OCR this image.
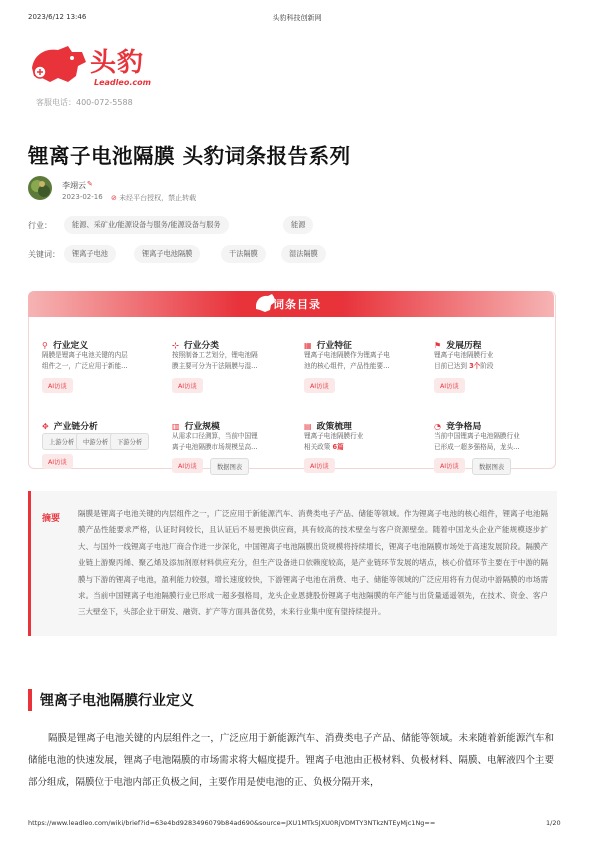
2023/6/12 13:46	头豹科技创新网
头豹
Leadleo.com
客服电话：400-072-5588
锂离子电池隔膜 头豹词条报告系列
李翊云 ✎
2023-02-16 ⊘ 未经平台授权，禁止转载
行业：	能源、采矿业/能源设备与服务/能源设备与服务	能源
关键词：	锂离子电池	锂离子电池隔膜	干法隔膜	湿法隔膜
词条目录
⚲ 行业定义
隔膜是锂离子电池关键的内层
组件之一，广泛应用于新能...
AI访谈
⊹ 行业分类
按照制备工艺划分，锂电池隔
膜主要可分为干法隔膜与湿...
AI访谈
▦ 行业特征
锂离子电池隔膜作为锂离子电
池的核心组件，产品性能要...
AI访谈
⚑ 发展历程
锂离子电池隔膜行业
目前已达到 3个阶段
AI访谈
✥ 产业链分析
上游分析	中游分析	下游分析
AI访谈
▥ 行业规模
从需求口径测算，当前中国锂
离子电池隔膜市场规模呈高...
AI访谈	数据图表
▤ 政策梳理
锂离子电池隔膜行业
相关政策 6篇
AI访谈
◔ 竞争格局
当前中国锂离子电池隔膜行业
已形成一超多强格局，龙头...
AI访谈	数据图表
摘要
隔膜是锂离子电池关键的内层组件之一，广泛应用于新能源汽车、消费类电子产品、储能等领域。作为锂离子电池的核心组件，锂离子电池隔膜产品性能要求严格，认证时间较长，且认证后不易更换供应商，具有较高的技术壁垒与客户资源壁垒。随着中国龙头企业产能规模逐步扩大、与国外一线锂离子电池厂商合作进一步深化，中国锂离子电池隔膜出货规模将持续增长，锂离子电池隔膜市场处于高速发展阶段。隔膜产业链上游聚丙烯、聚乙烯及添加剂原材料供应充分，但生产设备进口依赖度较高，是产业链环节发展的堵点，核心价值环节主要在于中游的隔膜与下游的锂离子电池，盈利能力较强，增长速度较快，下游锂离子电池在消费、电子、储能等领域的广泛应用将有力促动中游隔膜的市场需求。当前中国锂离子电池隔膜行业已形成一超多强格局，龙头企业恩捷股份锂离子电池隔膜的年产能与出货量遥遥领先，在技术、资金、客户三大壁垒下，头部企业于研发、融资、扩产等方面具备优势，未来行业集中度有望持续提升。
锂离子电池隔膜行业定义
隔膜是锂离子电池关键的内层组件之一，广泛应用于新能源汽车、消费类电子产品、储能等领域。未来随着新能源汽车和储能电池的快速发展，锂离子电池隔膜的市场需求将大幅度提升。锂离子电池由正极材料、负极材料、隔膜、电解液四个主要部分组成，隔膜位于电池内部正负极之间，主要作用是使电池的正、负极分隔开来，
https://www.leadleo.com/wiki/brief?id=63e4bd9283496079b84ad690&source=JXU1MTk5JXU0RjVDMTY3NTkzNTEyMjc1Ng==	1/20
